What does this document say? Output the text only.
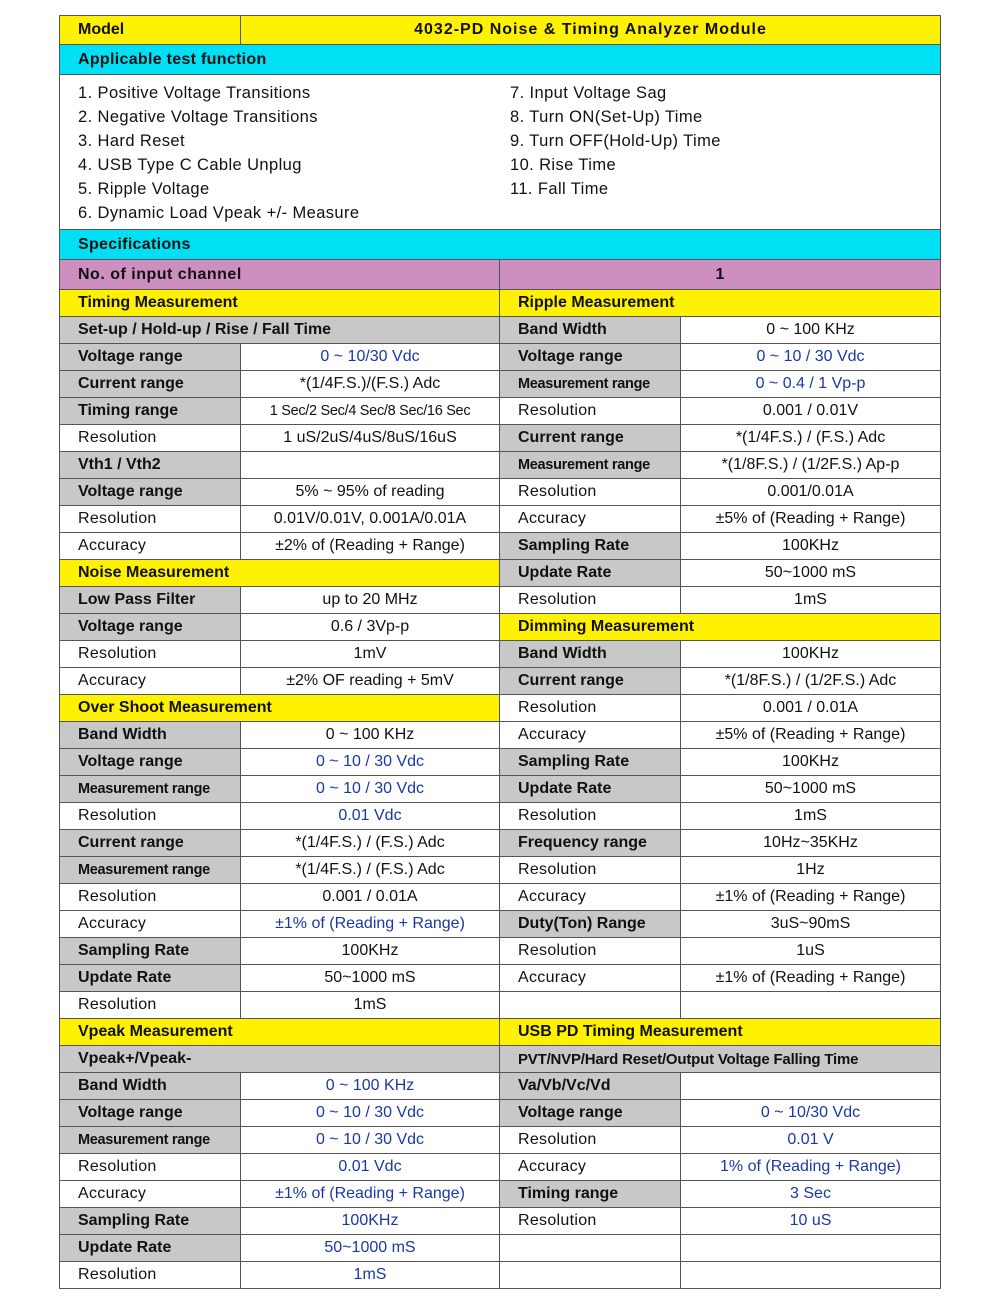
Model	4032-PD Noise & Timing Analyzer Module
Applicable test function
1. Positive Voltage Transitions
2. Negative Voltage Transitions
3. Hard Reset
4. USB Type C Cable Unplug
5. Ripple Voltage
6. Dynamic Load Vpeak +/- Measure
7. Input Voltage Sag
8. Turn ON(Set-Up) Time
9. Turn OFF(Hold-Up) Time
10. Rise Time
11. Fall Time
Specifications
No. of input channel	1
Timing Measurement
Set-up / Hold-up / Rise / Fall Time
Voltage range	0 ~ 10/30 Vdc
Current range	*(1/4F.S.)/(F.S.) Adc
Timing range	1 Sec/2 Sec/4 Sec/8 Sec/16 Sec
Resolution	1 uS/2uS/4uS/8uS/16uS
Vth1 / Vth2
Voltage range	5% ~ 95% of reading
Resolution	0.01V/0.01V, 0.001A/0.01A
Accuracy	±2% of (Reading + Range)
Noise Measurement
Low Pass Filter	up to 20 MHz
Voltage range	0.6 / 3Vp-p
Resolution	1mV
Accuracy	±2% OF reading + 5mV
Over Shoot Measurement
Band Width	0 ~ 100 KHz
Voltage range	0 ~ 10 / 30 Vdc
Measurement range	0 ~ 10 / 30 Vdc
Resolution	0.01 Vdc
Current range	*(1/4F.S.) / (F.S.) Adc
Measurement range	*(1/4F.S.) / (F.S.) Adc
Resolution	0.001 / 0.01A
Accuracy	±1% of (Reading + Range)
Sampling Rate	100KHz
Update Rate	50~1000 mS
Resolution	1mS
Vpeak Measurement
Vpeak+/Vpeak-
Band Width	0 ~ 100 KHz
Voltage range	0 ~ 10 / 30 Vdc
Measurement range	0 ~ 10 / 30 Vdc
Resolution	0.01 Vdc
Accuracy	±1% of (Reading + Range)
Sampling Rate	100KHz
Update Rate	50~1000 mS
Resolution	1mS
Ripple Measurement
Band Width	0 ~ 100 KHz
Voltage range	0 ~ 10 / 30 Vdc
Measurement range	0 ~ 0.4 / 1 Vp-p
Resolution	0.001 / 0.01V
Current range	*(1/4F.S.) / (F.S.) Adc
Measurement range	*(1/8F.S.) / (1/2F.S.) Ap-p
Resolution	0.001/0.01A
Accuracy	±5% of (Reading + Range)
Sampling Rate	100KHz
Update Rate	50~1000 mS
Resolution	1mS
Dimming Measurement
Band Width	100KHz
Current range	*(1/8F.S.) / (1/2F.S.) Adc
Resolution	0.001 / 0.01A
Accuracy	±5% of (Reading + Range)
Sampling Rate	100KHz
Update Rate	50~1000 mS
Resolution	1mS
Frequency range	10Hz~35KHz
Resolution	1Hz
Accuracy	±1% of (Reading + Range)
Duty(Ton) Range	3uS~90mS
Resolution	1uS
Accuracy	±1% of (Reading + Range)
USB PD Timing Measurement
PVT/NVP/Hard Reset/Output Voltage Falling Time
Va/Vb/Vc/Vd
Voltage range	0 ~ 10/30 Vdc
Resolution	0.01 V
Accuracy	1% of (Reading + Range)
Timing range	3 Sec
Resolution	10 uS
